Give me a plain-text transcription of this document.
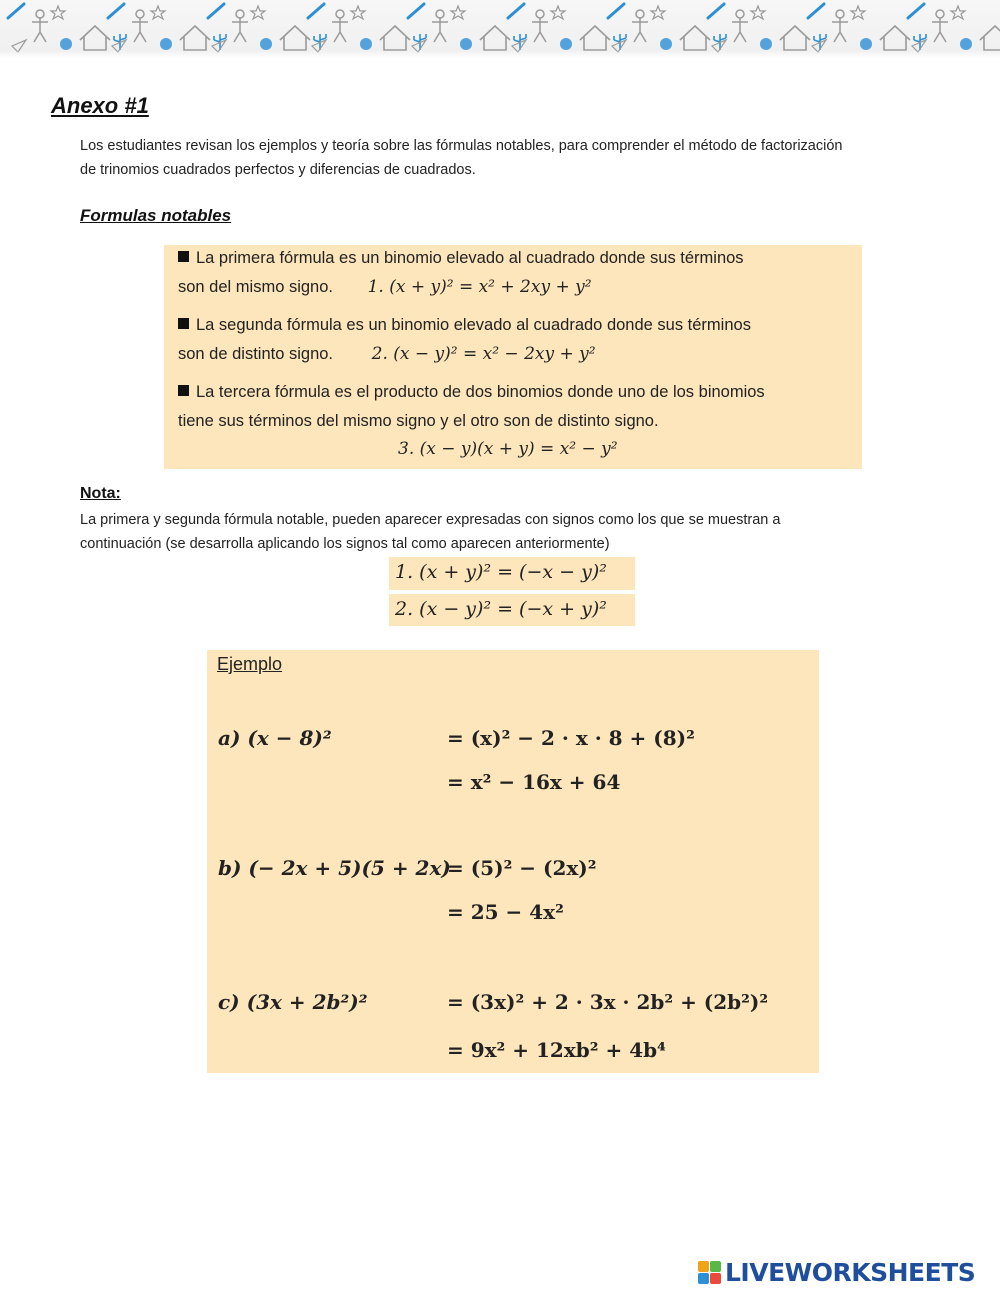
Anexo #1
Los estudiantes revisan los ejemplos y teoría sobre las fórmulas notables, para comprender el método de factorización
de trinomios cuadrados perfectos y diferencias de cuadrados.
Formulas notables
La primera fórmula es un binomio elevado al cuadrado donde sus términos
son del mismo signo. 1. (x + y)² = x² + 2xy + y²
La segunda fórmula es un binomio elevado al cuadrado donde sus términos
son de distinto signo. 2. (x − y)² = x² − 2xy + y²
La tercera fórmula es el producto de dos binomios donde uno de los binomios
tiene sus términos del mismo signo y el otro son de distinto signo.
3. (x − y)(x + y) = x² − y²
Nota:
La primera y segunda fórmula notable, pueden aparecer expresadas con signos como los que se muestran a
continuación (se desarrolla aplicando los signos tal como aparecen anteriormente)
1. (x + y)² = (−x − y)²
2. (x − y)² = (−x + y)²
Ejemplo
a) (x − 8)²	= (x)² − 2 · x · 8 + (8)²
= x² − 16x + 64
b) (− 2x + 5)(5 + 2x)
= (5)² − (2x)²
= 25 − 4x²
c) (3x + 2b²)²	= (3x)² + 2 · 3x · 2b² + (2b²)²
= 9x² + 12xb² + 4b⁴
LIVEWORKSHEETS
